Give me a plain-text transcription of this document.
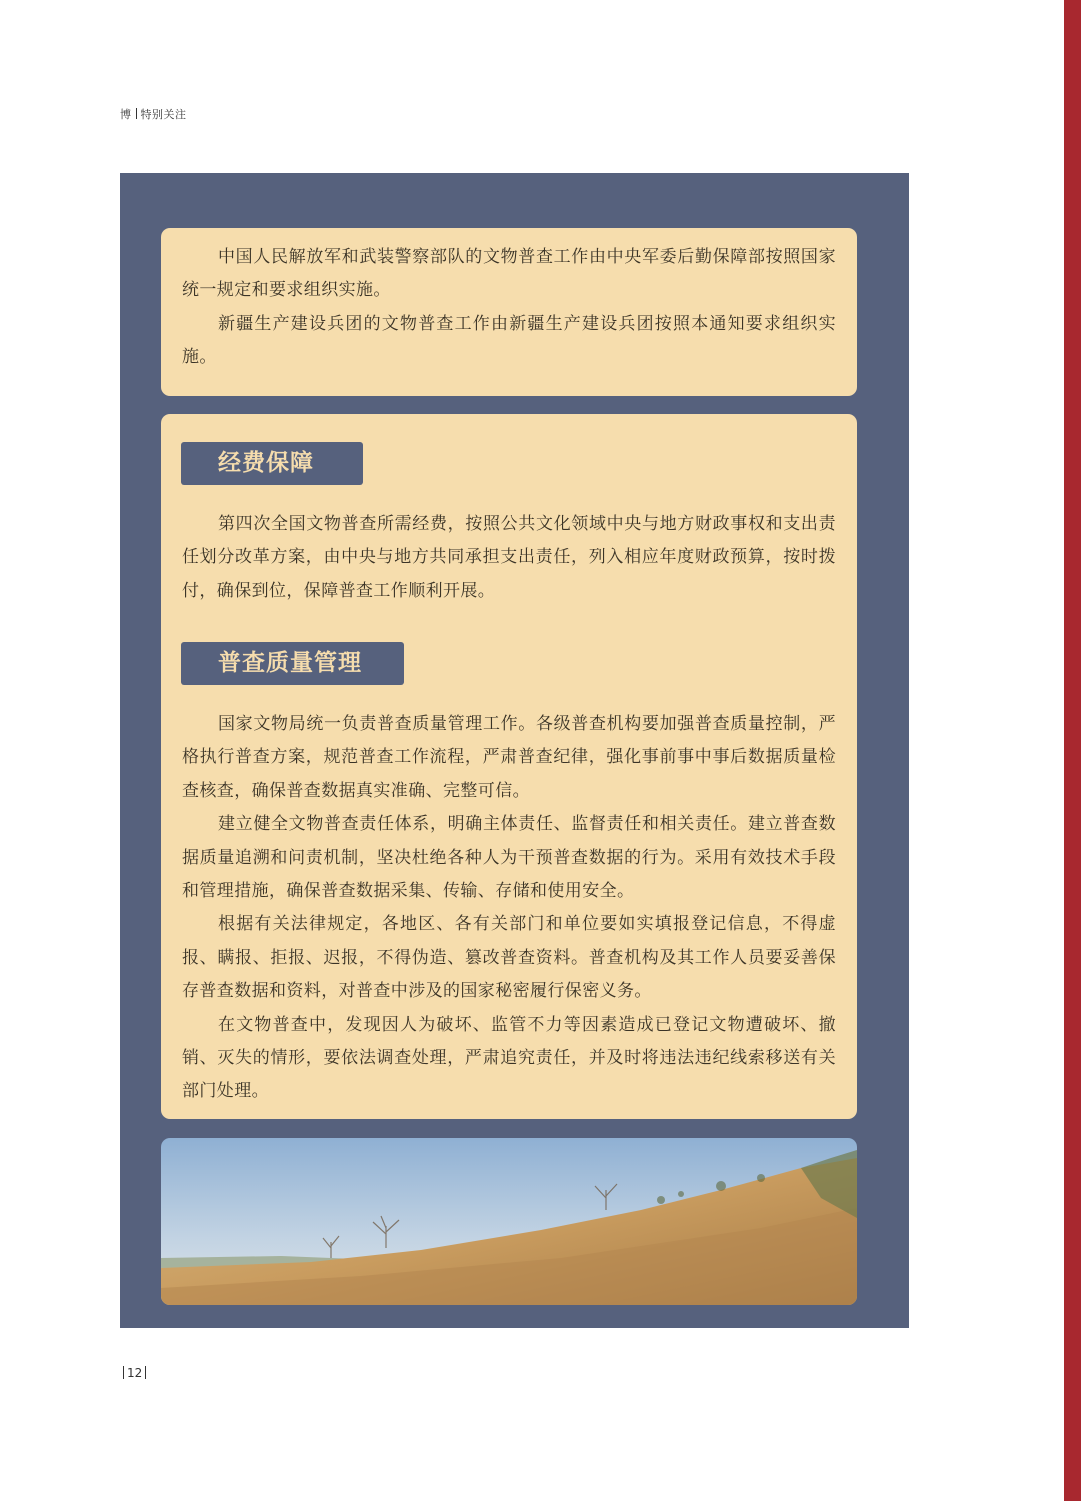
博 特别关注

中国人民解放军和武装警察部队的文物普查工作由中央军委后勤保障部按照国家统一规定和要求组织实施。

新疆生产建设兵团的文物普查工作由新疆生产建设兵团按照本通知要求组织实施。

经费保障

第四次全国文物普查所需经费，按照公共文化领域中央与地方财政事权和支出责任划分改革方案，由中央与地方共同承担支出责任，列入相应年度财政预算，按时拨付，确保到位，保障普查工作顺利开展。

普查质量管理

国家文物局统一负责普查质量管理工作。各级普查机构要加强普查质量控制，严格执行普查方案，规范普查工作流程，严肃普查纪律，强化事前事中事后数据质量检查核查，确保普查数据真实准确、完整可信。

建立健全文物普查责任体系，明确主体责任、监督责任和相关责任。建立普查数据质量追溯和问责机制，坚决杜绝各种人为干预普查数据的行为。采用有效技术手段和管理措施，确保普查数据采集、传输、存储和使用安全。

根据有关法律规定，各地区、各有关部门和单位要如实填报登记信息，不得虚报、瞒报、拒报、迟报，不得伪造、篡改普查资料。普查机构及其工作人员要妥善保存普查数据和资料，对普查中涉及的国家秘密履行保密义务。

在文物普查中，发现因人为破坏、监管不力等因素造成已登记文物遭破坏、撤销、灭失的情形，要依法调查处理，严肃追究责任，并及时将违法违纪线索移送有关部门处理。

12
